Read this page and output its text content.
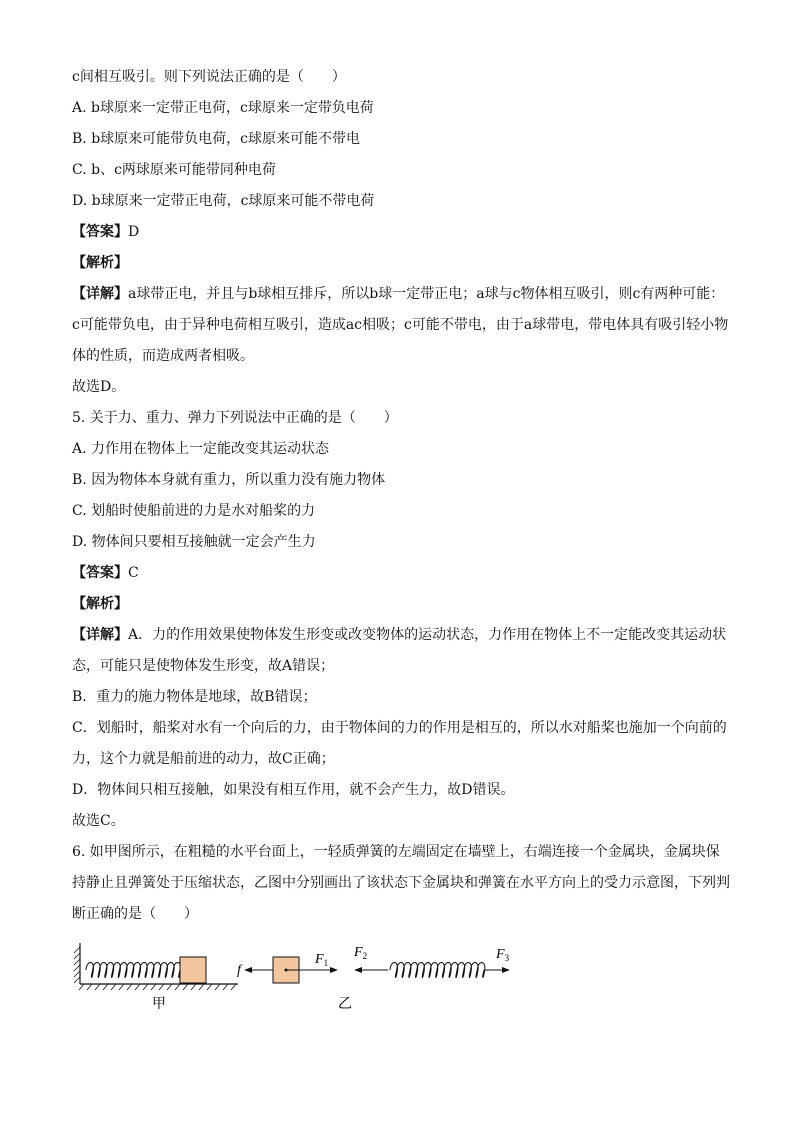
c间相互吸引。则下列说法正确的是（　　）
A. b球原来一定带正电荷，c球原来一定带负电荷
B. b球原来可能带负电荷，c球原来可能不带电
C. b、c两球原来可能带同种电荷
D. b球原来一定带正电荷，c球原来可能不带电荷
【答案】D
【解析】
【详解】a球带正电，并且与b球相互排斥，所以b球一定带正电；a球与c物体相互吸引，则c有两种可能：c可能带负电，由于异种电荷相互吸引，造成ac相吸；c可能不带电，由于a球带电，带电体具有吸引轻小物体的性质，而造成两者相吸。
故选D。
5. 关于力、重力、弹力下列说法中正确的是（　　）
A. 力作用在物体上一定能改变其运动状态
B. 因为物体本身就有重力，所以重力没有施力物体
C. 划船时使船前进的力是水对船桨的力
D. 物体间只要相互接触就一定会产生力
【答案】C
【解析】
【详解】A．力的作用效果使物体发生形变或改变物体的运动状态，力作用在物体上不一定能改变其运动状态，可能只是使物体发生形变，故A错误；
B．重力的施力物体是地球，故B错误；
C．划船时，船桨对水有一个向后的力，由于物体间的力的作用是相互的，所以水对船桨也施加一个向前的力，这个力就是船前进的动力，故C正确；
D．物体间只相互接触，如果没有相互作用，就不会产生力，故D错误。
故选C。
6. 如甲图所示，在粗糙的水平台面上，一轻质弹簧的左端固定在墙壁上，右端连接一个金属块，金属块保持静止且弹簧处于压缩状态，乙图中分别画出了该状态下金属块和弹簧在水平方向上的受力示意图，下列判断正确的是（　　）
甲
f
$F_1$
乙
$F_2$	$F_3$
